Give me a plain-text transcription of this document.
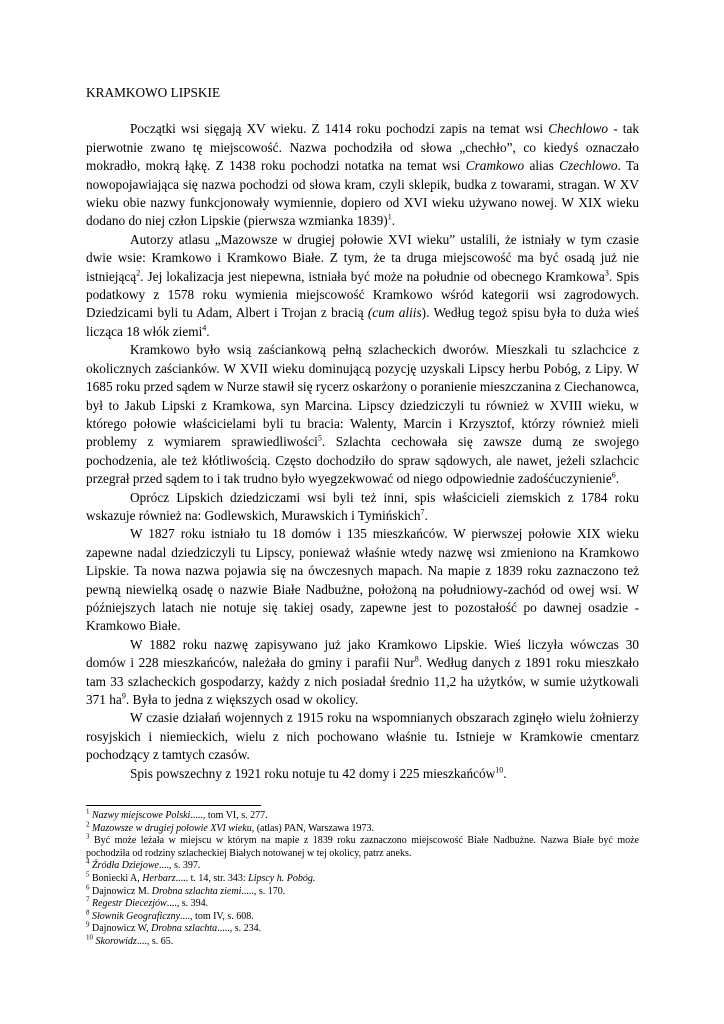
KRAMKOWO LIPSKIE

Początki wsi sięgają XV wieku. Z 1414 roku pochodzi zapis na temat wsi Chechlowo - tak pierwotnie zwano tę miejscowość. Nazwa pochodziła od słowa „chechło”, co kiedyś oznaczało mokradło, mokrą łąkę. Z 1438 roku pochodzi notatka na temat wsi Cramkowo alias Czechlowo. Ta nowopojawiająca się nazwa pochodzi od słowa kram, czyli sklepik, budka z towarami, stragan. W XV wieku obie nazwy funkcjonowały wymiennie, dopiero od XVI wieku używano nowej. W XIX wieku dodano do niej człon Lipskie (pierwsza wzmianka 1839)$^1$.

Autorzy atlasu „Mazowsze w drugiej połowie XVI wieku” ustalili, że istniały w tym czasie dwie wsie: Kramkowo i Kramkowo Białe. Z tym, że ta druga miejscowość ma być osadą już nie istniejącą$^2$. Jej lokalizacja jest niepewna, istniała być może na południe od obecnego Kramkowa$^3$. Spis podatkowy z 1578 roku wymienia miejscowość Kramkowo wśród kategorii wsi zagrodowych. Dziedzicami byli tu Adam, Albert i Trojan z bracią (cum aliis). Według tegoż spisu była to duża wieś licząca 18 włók ziemi$^4$.

Kramkowo było wsią zaściankową pełną szlacheckich dworów. Mieszkali tu szlachcice z okolicznych zaścianków. W XVII wieku dominującą pozycję uzyskali Lipscy herbu Pobóg, z Lipy. W 1685 roku przed sądem w Nurze stawił się rycerz oskarżony o poranienie mieszczanina z Ciechanowca, był to Jakub Lipski z Kramkowa, syn Marcina. Lipscy dziedziczyli tu również w XVIII wieku, w którego połowie właścicielami byli tu bracia: Walenty, Marcin i Krzysztof, którzy również mieli problemy z wymiarem sprawiedliwości$^5$. Szlachta cechowała się zawsze dumą ze swojego pochodzenia, ale też kłótliwością. Często dochodziło do spraw sądowych, ale nawet, jeżeli szlachcic przegrał przed sądem to i tak trudno było wyegzekwować od niego odpowiednie zadośćuczynienie$^6$.

Oprócz Lipskich dziedziczami wsi byli też inni, spis właścicieli ziemskich z 1784 roku wskazuje również na: Godlewskich, Murawskich i Tymińskich$^7$.

W 1827 roku istniało tu 18 domów i 135 mieszkańców. W pierwszej połowie XIX wieku zapewne nadal dziedziczyli tu Lipscy, ponieważ właśnie wtedy nazwę wsi zmieniono na Kramkowo Lipskie. Ta nowa nazwa pojawia się na ówczesnych mapach. Na mapie z 1839 roku zaznaczono też pewną niewielką osadę o nazwie Białe Nadbużne, położoną na południowy-zachód od owej wsi. W późniejszych latach nie notuje się takiej osady, zapewne jest to pozostałość po dawnej osadzie - Kramkowo Białe.

W 1882 roku nazwę zapisywano już jako Kramkowo Lipskie. Wieś liczyła wówczas 30 domów i 228 mieszkańców, należała do gminy i parafii Nur$^8$. Według danych z 1891 roku mieszkało tam 33 szlacheckich gospodarzy, każdy z nich posiadał średnio 11,2 ha użytków, w sumie użytkowali 371 $ha^9$. Była to jedna z większych osad w okolicy.

W czasie działań wojennych z 1915 roku na wspomnianych obszarach zginęło wielu żołnierzy rosyjskich i niemieckich, wielu z nich pochowano właśnie tu. Istnieje w Kramkowie cmentarz pochodzący z tamtych czasów.

Spis powszechny z 1921 roku notuje tu 42 domy i 225 mieszkańców$^{10}$.

$^1$ Nazwy miejscowe Polski....., tom VI, s. 277.

$^2$ Mazowsze w drugiej połowie XVI wieku, (atlas) PAN, Warszawa 1973.

$^3$ Być może leżała w miejscu w którym na mapie z 1839 roku zaznaczono miejscowość Białe Nadbużne. Nazwa Białe być może pochodziła od rodziny szlacheckiej Białych notowanej w tej okolicy, patrz aneks.

$^4$ Źródła Dziejowe...., s. 397.

$^5$ Boniecki A, Herbarz..... t. 14, str. 343: Lipscy h. Pobóg.

$^6$ Dajnowicz M. Drobna szlachta ziemi....., s. 170.

$^7$ Regestr Diecezjów...., s. 394.

$^8$ Słownik Geograficzny...., tom IV, s. 608.

$^9$ Dajnowicz W, Drobna szlachta....., s. 234.

$^{10}$ Skorowidz...., s. 65.
